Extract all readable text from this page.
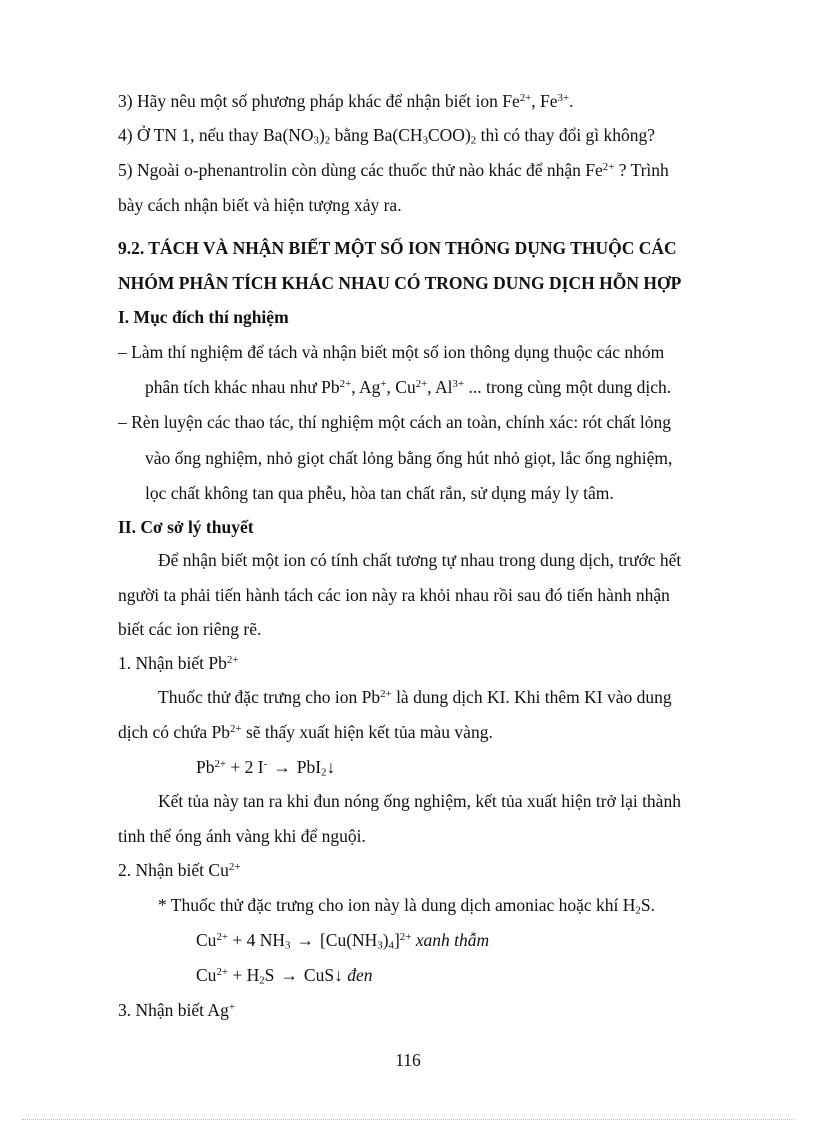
3) Hãy nêu một số phương pháp khác để nhận biết ion $Fe^{2+}$, $Fe^{3+}$.
4) Ở TN 1, nếu thay $Ba(NO_3)_2$ bằng $Ba(CH_3COO)_2$ thì có thay đổi gì không?
5) Ngoài o-phenantrolin còn dùng các thuốc thử nào khác để nhận $Fe^{2+}$ ? Trình
bày cách nhận biết và hiện tượng xảy ra.
9.2. TÁCH VÀ NHẬN BIẾT MỘT SỐ ION THÔNG DỤNG THUỘC CÁC
NHÓM PHÂN TÍCH KHÁC NHAU CÓ TRONG DUNG DỊCH HỖN HỢP
I. Mục đích thí nghiệm
– Làm thí nghiệm để tách và nhận biết một số ion thông dụng thuộc các nhóm
phân tích khác nhau như $Pb^{2+}$, Ag+, $Cu^{2+}$, $Al^{3+}$ ... trong cùng một dung dịch.
– Rèn luyện các thao tác, thí nghiệm một cách an toàn, chính xác: rót chất lỏng
vào ống nghiệm, nhỏ giọt chất lỏng bằng ống hút nhỏ giọt, lắc ống nghiệm,
lọc chất không tan qua phễu, hòa tan chất rắn, sử dụng máy ly tâm.
II. Cơ sở lý thuyết
Để nhận biết một ion có tính chất tương tự nhau trong dung dịch, trước hết
người ta phải tiến hành tách các ion này ra khỏi nhau rồi sau đó tiến hành nhận
biết các ion riêng rẽ.
1. Nhận biết $Pb^{2+}$
Thuốc thử đặc trưng cho ion $Pb^{2+}$ là dung dịch KI. Khi thêm KI vào dung
dịch có chứa $Pb^{2+}$ sẽ thấy xuất hiện kết tủa màu vàng.
$Pb^{2+} + 2$ I- → PbI$_2$↓
Kết tủa này tan ra khi đun nóng ống nghiệm, kết tủa xuất hiện trở lại thành
tinh thể óng ánh vàng khi để nguội.
2. Nhận biết $Cu^{2+}$
* Thuốc thử đặc trưng cho ion này là dung dịch amoniac hoặc khí $H_2S$.
$Cu^{2+} + 4$ $NH_3 \to [Cu(NH_3)_4]^{2+}$ xanh thẫm
$Cu^{2+} + H_2S$ → CuS↓ đen
3. Nhận biết Ag+
116
